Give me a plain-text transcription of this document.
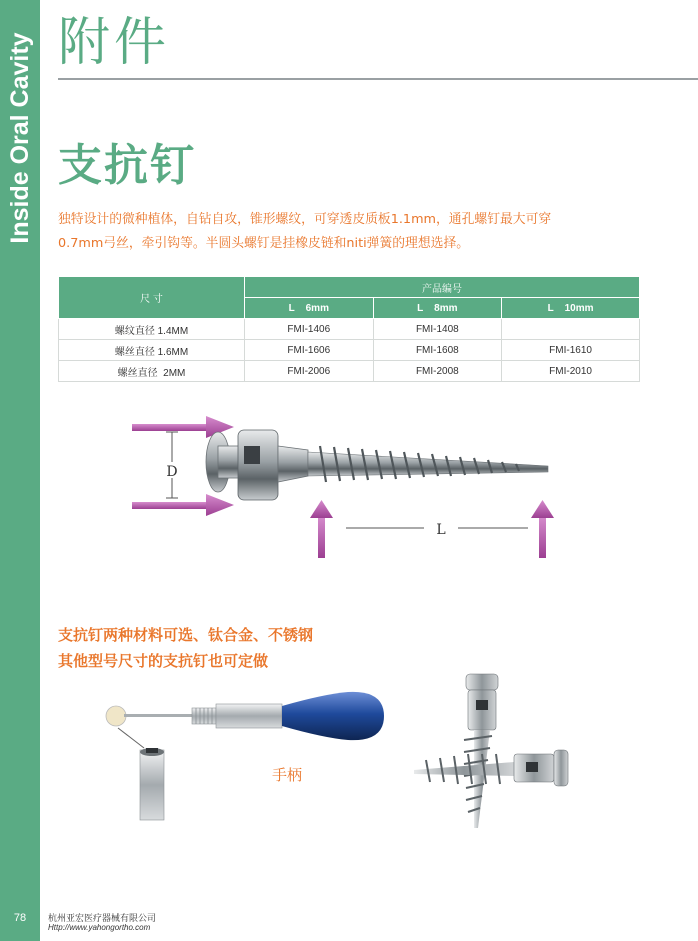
Inside Oral Cavity
78
附件
支抗钉
独特设计的微种植体，自钻自攻，锥形螺纹，可穿透皮质板1.1mm，通孔螺钉最大可穿
0.7mm弓丝，牵引钩等。半圆头螺钉是挂橡皮链和niti弹簧的理想选择。
尺 寸	产品编号		
	L    6mm	L    8mm	L    10mm
螺纹直径 1.4MM	FMI-1406	FMI-1408	
螺丝直径 1.6MM	FMI-1606	FMI-1608	FMI-1610
螺丝直径  2MM	FMI-2006	FMI-2008	FMI-2010
D
L
支抗钉两种材料可选、钛合金、不锈钢
其他型号尺寸的支抗钉也可定做
手柄
杭州亚宏医疗器械有限公司
Http://www.yahongortho.com
